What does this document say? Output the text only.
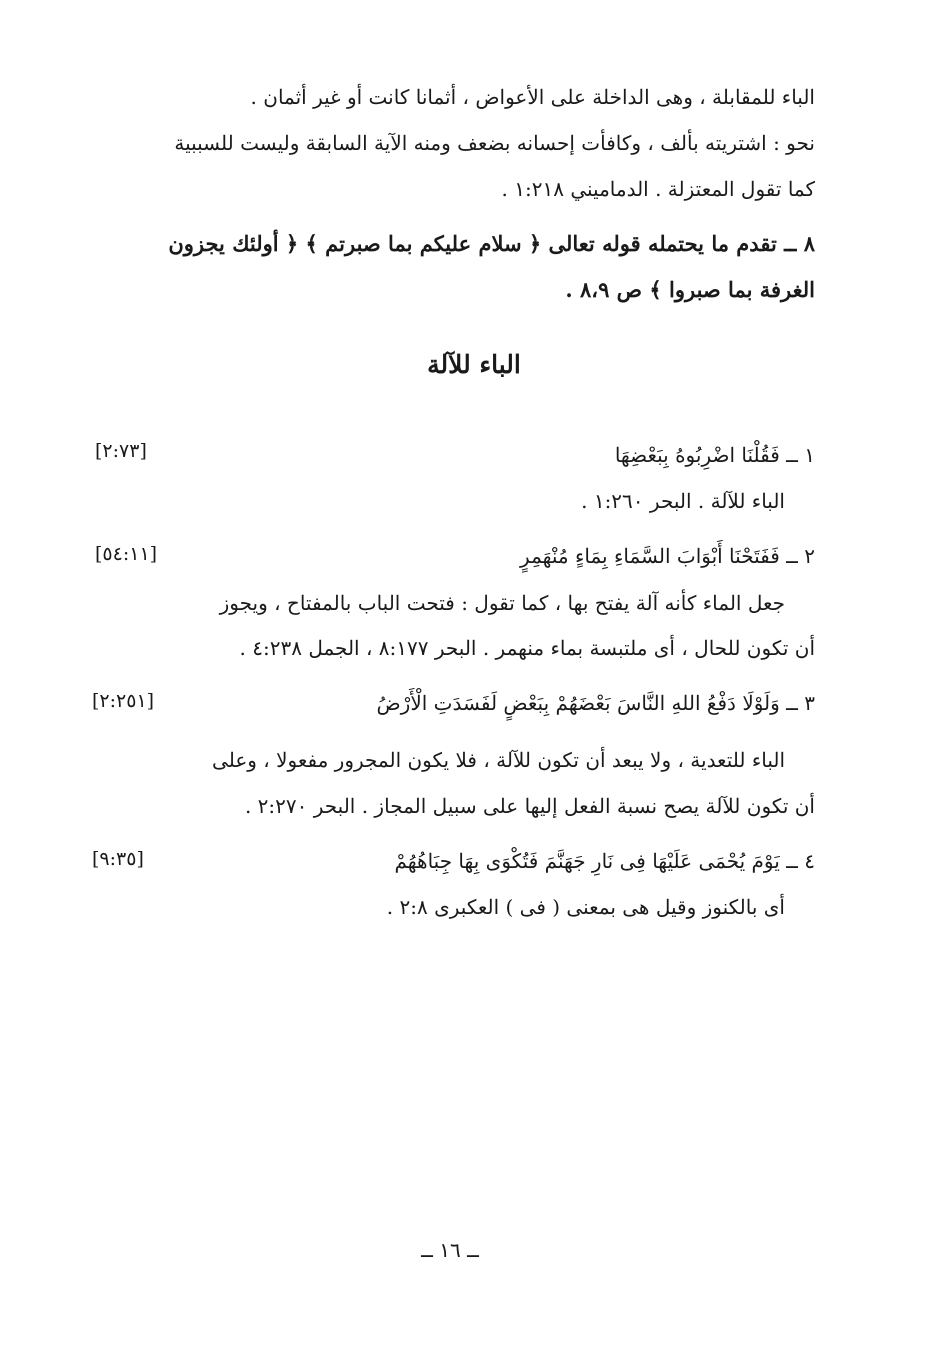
الباء للمقابلة ، وهى الداخلة على الأعواض ، أثمانا كانت أو غير أثمان .
نحو : اشتريته بألف ، وكافأت إحسانه بضعف ومنه الآية السابقة وليست للسببية
كما تقول المعتزلة . الدماميني ١:٢١٨ .
٨ ــ تقدم ما يحتمله قوله تعالى ﴿ سلام عليكم بما صبرتم ﴾ ﴿ أولئك يجزون
الغرفة بما صبروا ﴾ ص ٨،٩ .
الباء للآلة
١ ــ فَقُلْنَا اضْرِبُوهُ بِبَعْضِهَا
[٢:٧٣]
الباء للآلة . البحر ١:٢٦٠ .
٢ ــ فَفَتَحْنَا أَبْوَابَ السَّمَاءِ بِمَاءٍ مُنْهَمِرٍ
[٥٤:١١]
جعل الماء كأنه آلة يفتح بها ، كما تقول : فتحت الباب بالمفتاح ، ويجوز
أن تكون للحال ، أى ملتبسة بماء منهمر . البحر ٨:١٧٧ ، الجمل ٤:٢٣٨ .
٣ ــ وَلَوْلَا دَفْعُ اللهِ النَّاسَ بَعْضَهُمْ بِبَعْضٍ لَفَسَدَتِ الْأَرْضُ
[٢:٢٥١]
الباء للتعدية ، ولا يبعد أن تكون للآلة ، فلا يكون المجرور مفعولا ، وعلى
أن تكون للآلة يصح نسبة الفعل إليها على سبيل المجاز . البحر ٢:٢٧٠ .
٤ ــ يَوْمَ يُحْمَى عَلَيْهَا فِى نَارِ جَهَنَّمَ فَتُكْوَى بِهَا جِبَاهُهُمْ
[٩:٣٥]
أى بالكنوز وقيل هى بمعنى ( فى ) العكبرى ٢:٨ .
ــ ١٦ ــ
